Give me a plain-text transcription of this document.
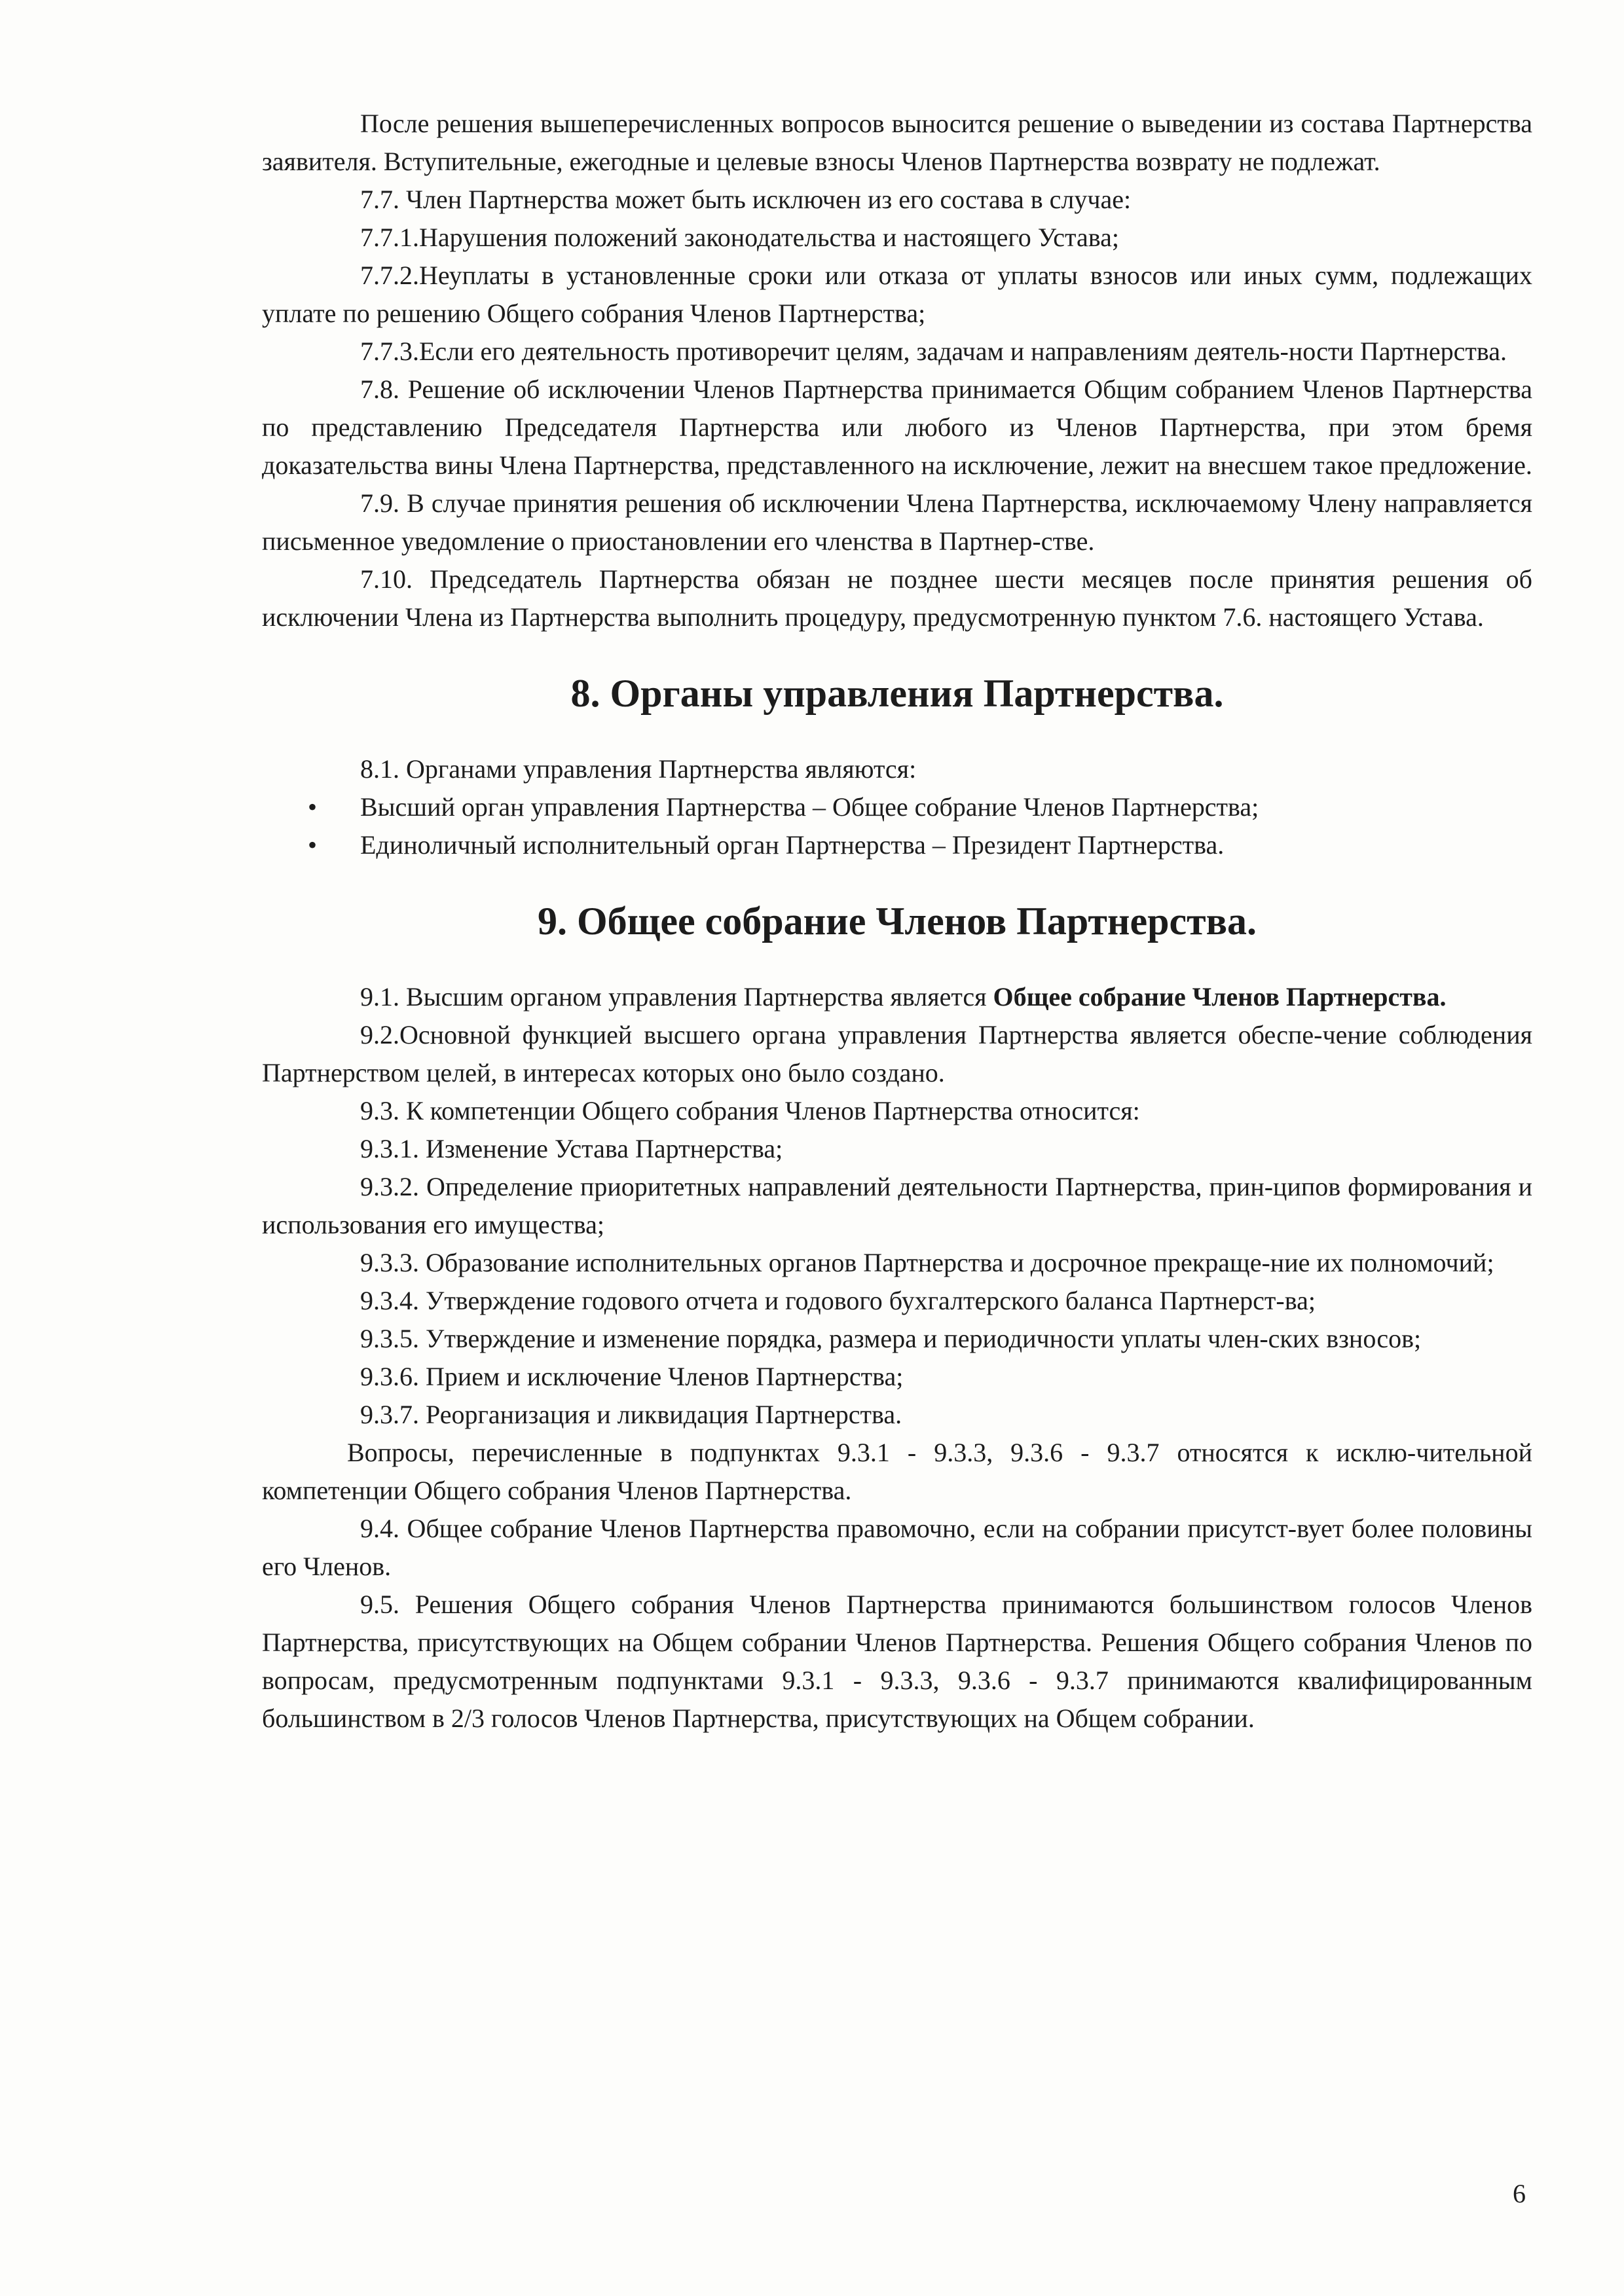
После решения вышеперечисленных вопросов выносится решение о выведении из состава Партнерства заявителя. Вступительные, ежегодные и целевые взносы Членов Партнерства возврату не подлежат.

7.7. Член Партнерства может быть исключен из его состава в случае:

7.7.1.Нарушения положений законодательства и настоящего Устава;

7.7.2.Неуплаты в установленные сроки или отказа от уплаты взносов или иных сумм, подлежащих уплате по решению Общего собрания Членов Партнерства;

7.7.3.Если его деятельность противоречит целям, задачам и направлениям деятель-ности Партнерства.

7.8. Решение об исключении Членов Партнерства принимается Общим собранием Членов Партнерства по представлению Председателя Партнерства или любого из Членов Партнерства, при этом бремя доказательства вины Члена Партнерства, представленного на исключение, лежит на внесшем такое предложение.

7.9. В случае принятия решения об исключении Члена Партнерства, исключаемому Члену направляется письменное уведомление о приостановлении его членства в Партнер-стве.

7.10. Председатель Партнерства обязан не позднее шести месяцев после принятия решения об исключении Члена из Партнерства выполнить процедуру, предусмотренную пунктом 7.6. настоящего Устава.

8. Органы управления Партнерства.

8.1. Органами управления Партнерства являются:

• Высший орган управления Партнерства – Общее собрание Членов Партнерства;
• Единоличный исполнительный орган Партнерства – Президент Партнерства.
9. Общее собрание Членов Партнерства.

9.1. Высшим органом управления Партнерства является Общее собрание Членов Партнерства.

9.2.Основной функцией высшего органа управления Партнерства является обеспе-чение соблюдения Партнерством целей, в интересах которых оно было создано.

9.3. К компетенции Общего собрания Членов Партнерства относится:

9.3.1. Изменение Устава Партнерства;

9.3.2. Определение приоритетных направлений деятельности Партнерства, прин-ципов формирования и использования его имущества;

9.3.3. Образование исполнительных органов Партнерства и досрочное прекраще-ние их полномочий;

9.3.4. Утверждение годового отчета и годового бухгалтерского баланса Партнерст-ва;

9.3.5. Утверждение и изменение порядка, размера и периодичности уплаты член-ских взносов;

9.3.6. Прием и исключение Членов Партнерства;

9.3.7. Реорганизация и ликвидация Партнерства.

Вопросы, перечисленные в подпунктах 9.3.1 - 9.3.3, 9.3.6 - 9.3.7 относятся к исклю-чительной компетенции Общего собрания Членов Партнерства.

9.4. Общее собрание Членов Партнерства правомочно, если на собрании присутст-вует более половины его Членов.

9.5. Решения Общего собрания Членов Партнерства принимаются большинством голосов Членов Партнерства, присутствующих на Общем собрании Членов Партнерства. Решения Общего собрания Членов по вопросам, предусмотренным подпунктами 9.3.1 - 9.3.3, 9.3.6 - 9.3.7 принимаются квалифицированным большинством в 2/3 голосов Членов Партнерства, присутствующих на Общем собрании.

6
